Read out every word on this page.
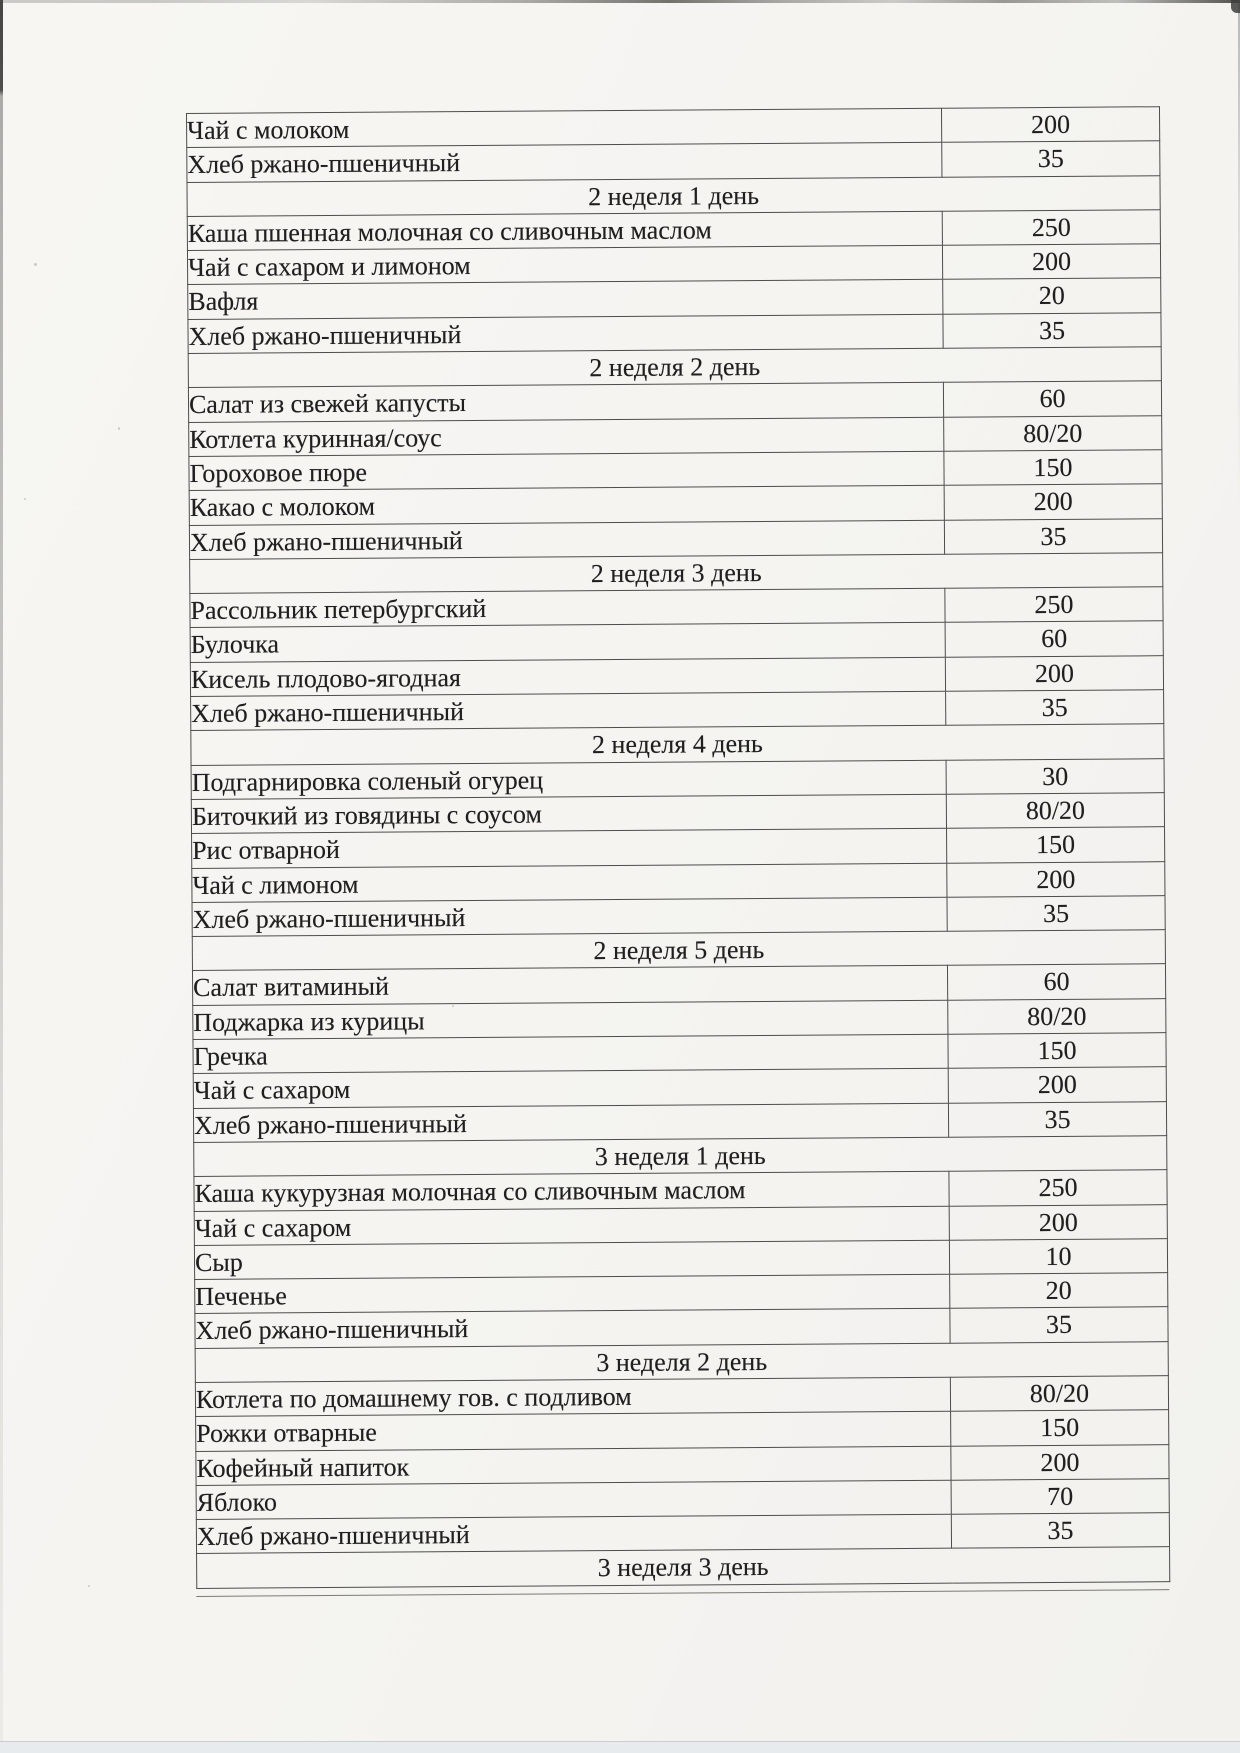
Чай с молоком	200
Хлеб ржано-пшеничный	35
2 неделя 1 день	
Каша пшенная молочная со сливочным маслом	250
Чай с сахаром и лимоном	200
Вафля	20
Хлеб ржано-пшеничный	35
2 неделя 2 день	
Салат из свежей капусты	60
Котлета куринная/соус	80/20
Гороховое пюре	150
Какао с молоком	200
Хлеб ржано-пшеничный	35
2 неделя 3 день	
Рассольник петербургский	250
Булочка	60
Кисель плодово-ягодная	200
Хлеб ржано-пшеничный	35
2 неделя 4 день	
Подгарнировка соленый огурец	30
Биточкий из говядины с соусом	80/20
Рис отварной	150
Чай с лимоном	200
Хлеб ржано-пшеничный	35
2 неделя 5 день	
Салат витаминый	60
Поджарка из курицы	80/20
Гречка	150
Чай с сахаром	200
Хлеб ржано-пшеничный	35
3 неделя 1 день	
Каша кукурузная молочная со сливочным маслом	250
Чай с сахаром	200
Сыр	10
Печенье	20
Хлеб ржано-пшеничный	35
3 неделя 2 день	
Котлета по домашнему гов. с подливом	80/20
Рожки отварные	150
Кофейный напиток	200
Яблоко	70
Хлеб ржано-пшеничный	35
3 неделя 3 день	
